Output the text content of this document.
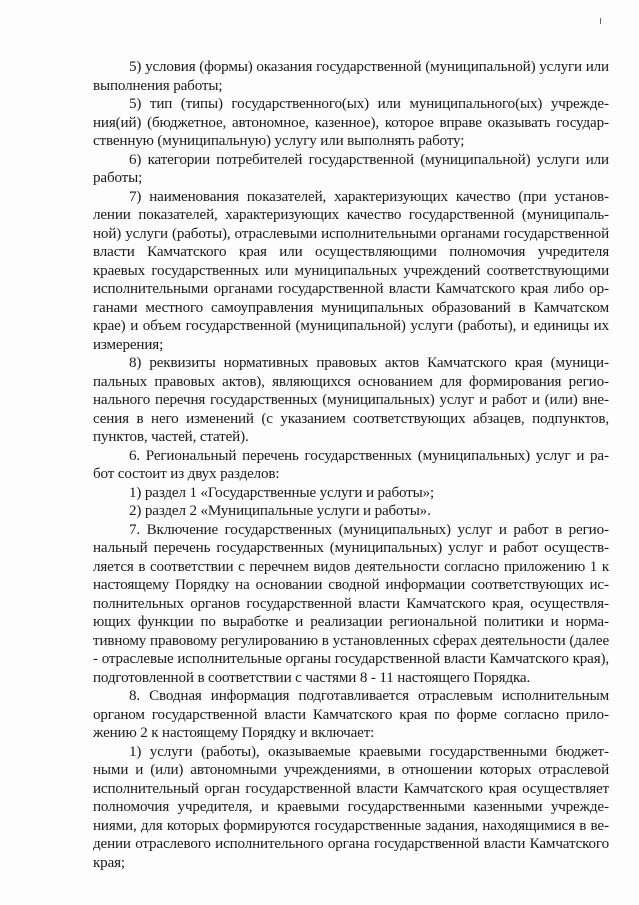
5) условия (формы) оказания государственной (муниципальной) услуги или выполнения работы;

5) тип (типы) государственного(ых) или муниципального(ых) учреждения(ий) (бюджетное, автономное, казенное), которое вправе оказывать государственную (муниципальную) услугу или выполнять работу;

6) категории потребителей государственной (муниципальной) услуги или работы;

7) наименования показателей, характеризующих качество (при установлении показателей, характеризующих качество государственной (муниципальной) услуги (работы), отраслевыми исполнительными органами государственной власти Камчатского края или осуществляющими полномочия учредителя краевых государственных или муниципальных учреждений соответствующими исполнительными органами государственной власти Камчатского края либо органами местного самоуправления муниципальных образований в Камчатском крае) и объем государственной (муниципальной) услуги (работы), и единицы их измерения;

8) реквизиты нормативных правовых актов Камчатского края (муниципальных правовых актов), являющихся основанием для формирования регионального перечня государственных (муниципальных) услуг и работ и (или) внесения в него изменений (с указанием соответствующих абзацев, подпунктов, пунктов, частей, статей).

6. Региональный перечень государственных (муниципальных) услуг и работ состоит из двух разделов:

1) раздел 1 «Государственные услуги и работы»;

2) раздел 2 «Муниципальные услуги и работы».

7. Включение государственных (муниципальных) услуг и работ в региональный перечень государственных (муниципальных) услуг и работ осуществляется в соответствии с перечнем видов деятельности согласно приложению 1 к настоящему Порядку на основании сводной информации соответствующих исполнительных органов государственной власти Камчатского края, осуществляющих функции по выработке и реализации региональной политики и нормативному правовому регулированию в установленных сферах деятельности (далее - отраслевые исполнительные органы государственной власти Камчатского края), подготовленной в соответствии с частями 8 - 11 настоящего Порядка.

8. Сводная информация подготавливается отраслевым исполнительным органом государственной власти Камчатского края по форме согласно приложению 2 к настоящему Порядку и включает:

1) услуги (работы), оказываемые краевыми государственными бюджетными и (или) автономными учреждениями, в отношении которых отраслевой исполнительный орган государственной власти Камчатского края осуществляет полномочия учредителя, и краевыми государственными казенными учреждениями, для которых формируются государственные задания, находящимися в ведении отраслевого исполнительного органа государственной власти Камчатского края;
